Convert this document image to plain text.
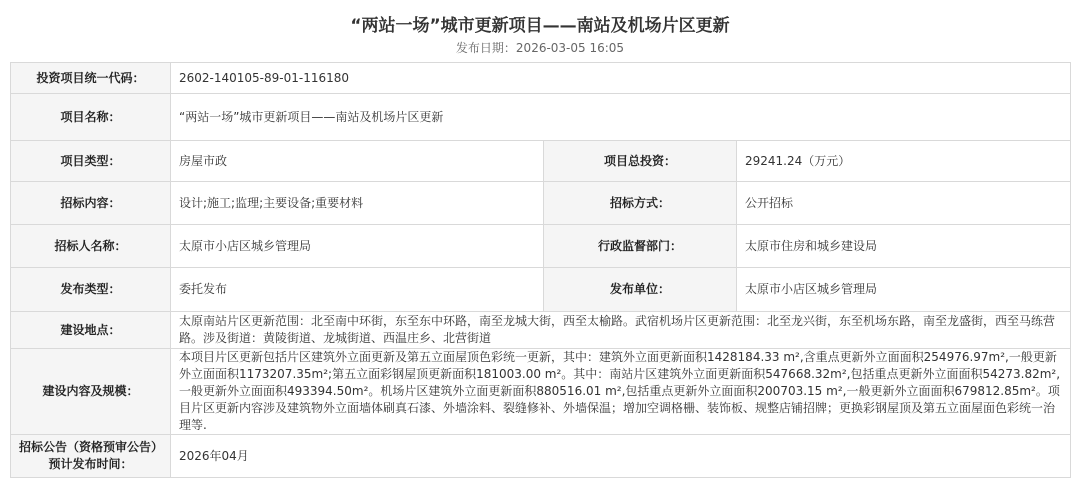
“两站一场”城市更新项目——南站及机场片区更新
发布日期：2026-03-05 16:05
投资项目统一代码：	2602-140105-89-01-116180		
项目名称：	“两站一场”城市更新项目——南站及机场片区更新		
项目类型：	房屋市政	项目总投资：	29241.24（万元）
招标内容：	设计;施工;监理;主要设备;重要材料	招标方式：	公开招标
招标人名称：	太原市小店区城乡管理局	行政监督部门：	太原市住房和城乡建设局
发布类型：	委托发布	发布单位：	太原市小店区城乡管理局
建设地点：	太原南站片区更新范围：北至南中环街，东至东中环路，南至龙城大街，西至太榆路。武宿机场片区更新范围：北至龙兴街，东至机场东路，南至龙盛街，西至马练营路。涉及街道：黄陵街道、龙城街道、西温庄乡、北营街道		
建设内容及规模：	本项目片区更新包括片区建筑外立面更新及第五立面屋顶色彩统一更新，其中：建筑外立面更新面积1428184.33 m²,含重点更新外立面面积254976.97m²,一般更新外立面面积1173207.35m²;第五立面彩钢屋顶更新面积181003.00 m²。其中：南站片区建筑外立面更新面积547668.32m²,包括重点更新外立面面积54273.82m²,一般更新外立面面积493394.50m²。机场片区建筑外立面更新面积880516.01 m²,包括重点更新外立面面积200703.15 m²,一般更新外立面面积679812.85m²。项目片区更新内容涉及建筑物外立面墙体刷真石漆、外墙涂料、裂缝修补、外墙保温；增加空调格栅、装饰板、规整店铺招牌；更换彩钢屋顶及第五立面屋面色彩统一治理等.		

招标公告（资格预审公告）
预计发布时间：	2026年04月		
